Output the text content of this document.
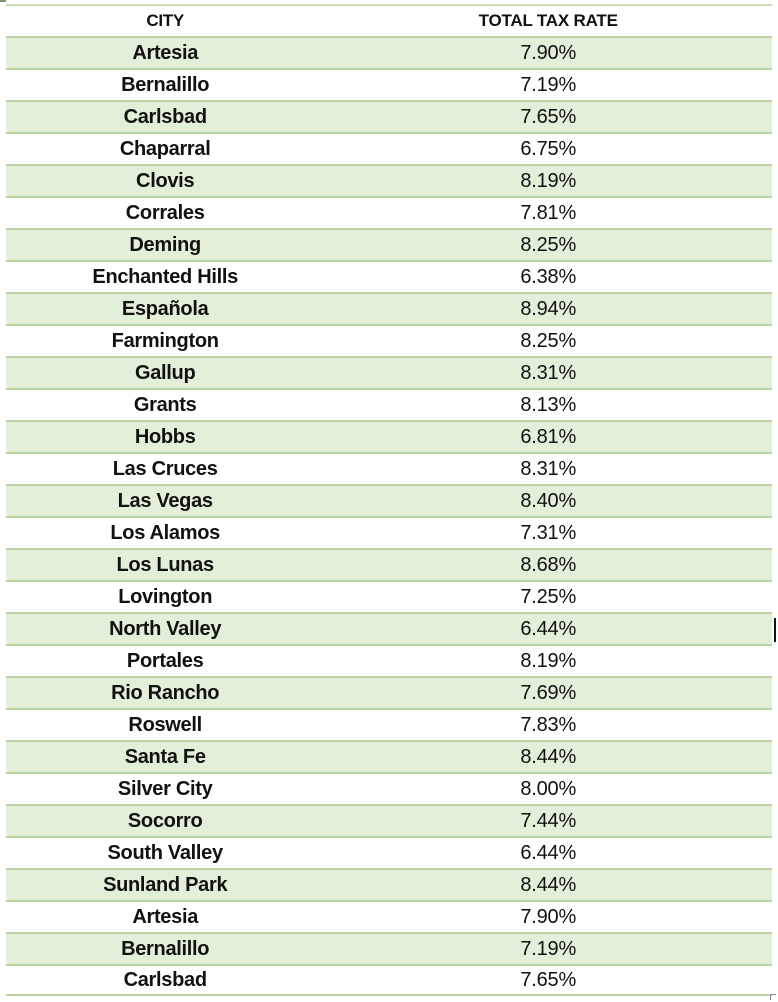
CITY	TOTAL TAX RATE
Artesia	7.90%
Bernalillo	7.19%
Carlsbad	7.65%
Chaparral	6.75%
Clovis	8.19%
Corrales	7.81%
Deming	8.25%
Enchanted Hills	6.38%
Española	8.94%
Farmington	8.25%
Gallup	8.31%
Grants	8.13%
Hobbs	6.81%
Las Cruces	8.31%
Las Vegas	8.40%
Los Alamos	7.31%
Los Lunas	8.68%
Lovington	7.25%
North Valley	6.44%
Portales	8.19%
Rio Rancho	7.69%
Roswell	7.83%
Santa Fe	8.44%
Silver City	8.00%
Socorro	7.44%
South Valley	6.44%
Sunland Park	8.44%
Artesia	7.90%
Bernalillo	7.19%
Carlsbad	7.65%
